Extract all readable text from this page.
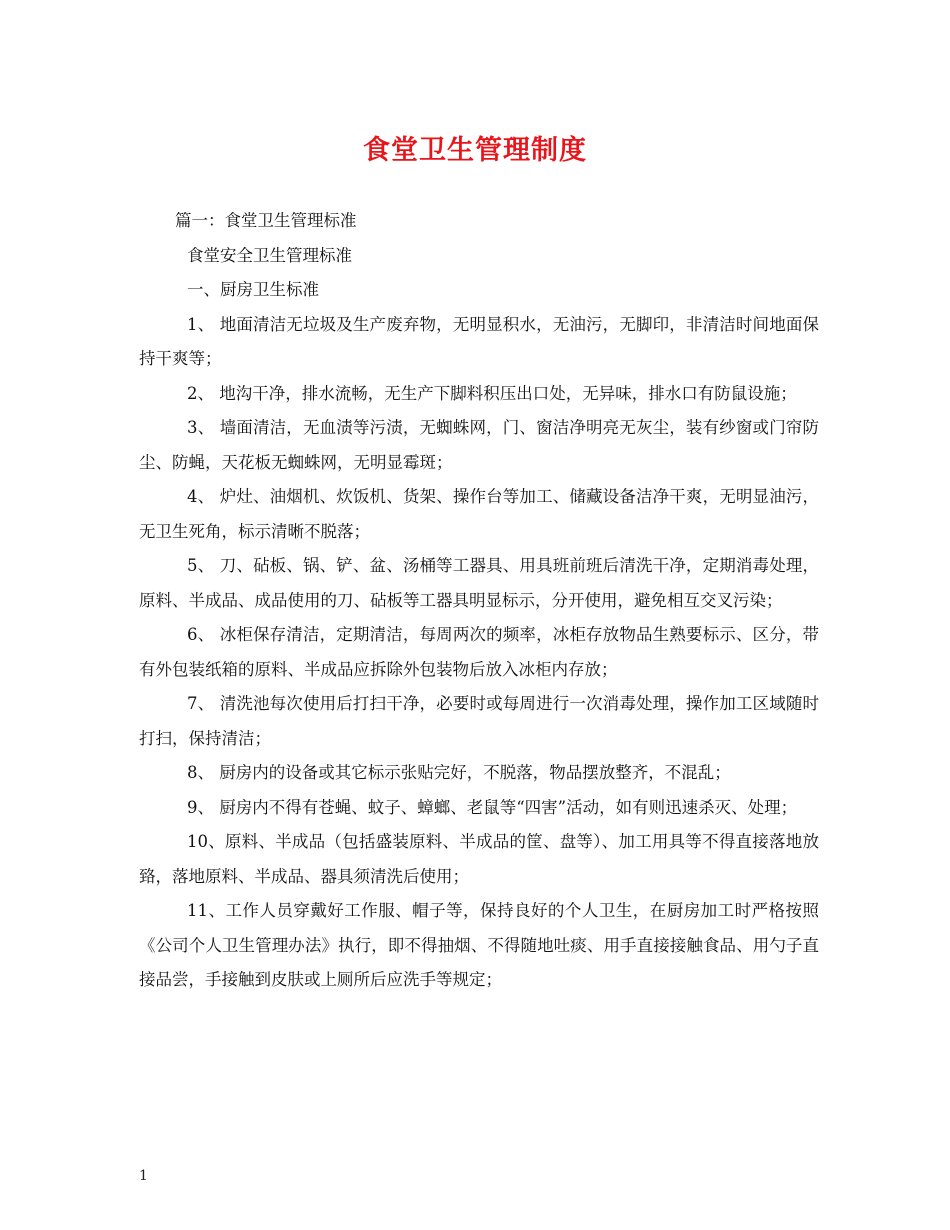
食堂卫生管理制度

篇一：食堂卫生管理标准

食堂安全卫生管理标准

一、厨房卫生标准

1、 地面清洁无垃圾及生产废弃物，无明显积水，无油污，无脚印，非清洁时间地面保持干爽等；

2、 地沟干净，排水流畅，无生产下脚料积压出口处，无异味，排水口有防鼠设施；

3、 墙面清洁，无血渍等污渍，无蜘蛛网，门、窗洁净明亮无灰尘，装有纱窗或门帘防尘、防蝇，天花板无蜘蛛网，无明显霉斑；

4、 炉灶、油烟机、炊饭机、货架、操作台等加工、储藏设备洁净干爽，无明显油污，无卫生死角，标示清晰不脱落；

5、 刀、砧板、锅、铲、盆、汤桶等工器具、用具班前班后清洗干净，定期消毒处理，原料、半成品、成品使用的刀、砧板等工器具明显标示，分开使用，避免相互交叉污染；

6、 冰柜保存清洁，定期清洁，每周两次的频率，冰柜存放物品生熟要标示、区分，带有外包装纸箱的原料、半成品应拆除外包装物后放入冰柜内存放；

7、 清洗池每次使用后打扫干净，必要时或每周进行一次消毒处理，操作加工区域随时打扫，保持清洁；

8、 厨房内的设备或其它标示张贴完好，不脱落，物品摆放整齐，不混乱；

9、 厨房内不得有苍蝇、蚊子、蟑螂、老鼠等“四害”活动，如有则迅速杀灭、处理；

10、原料、半成品（包括盛装原料、半成品的筐、盘等）、加工用具等不得直接落地放臵，落地原料、半成品、器具须清洗后使用；

11、工作人员穿戴好工作服、帽子等，保持良好的个人卫生，在厨房加工时严格按照《公司个人卫生管理办法》执行，即不得抽烟、不得随地吐痰、用手直接接触食品、用勺子直接品尝，手接触到皮肤或上厕所后应洗手等规定；

1
